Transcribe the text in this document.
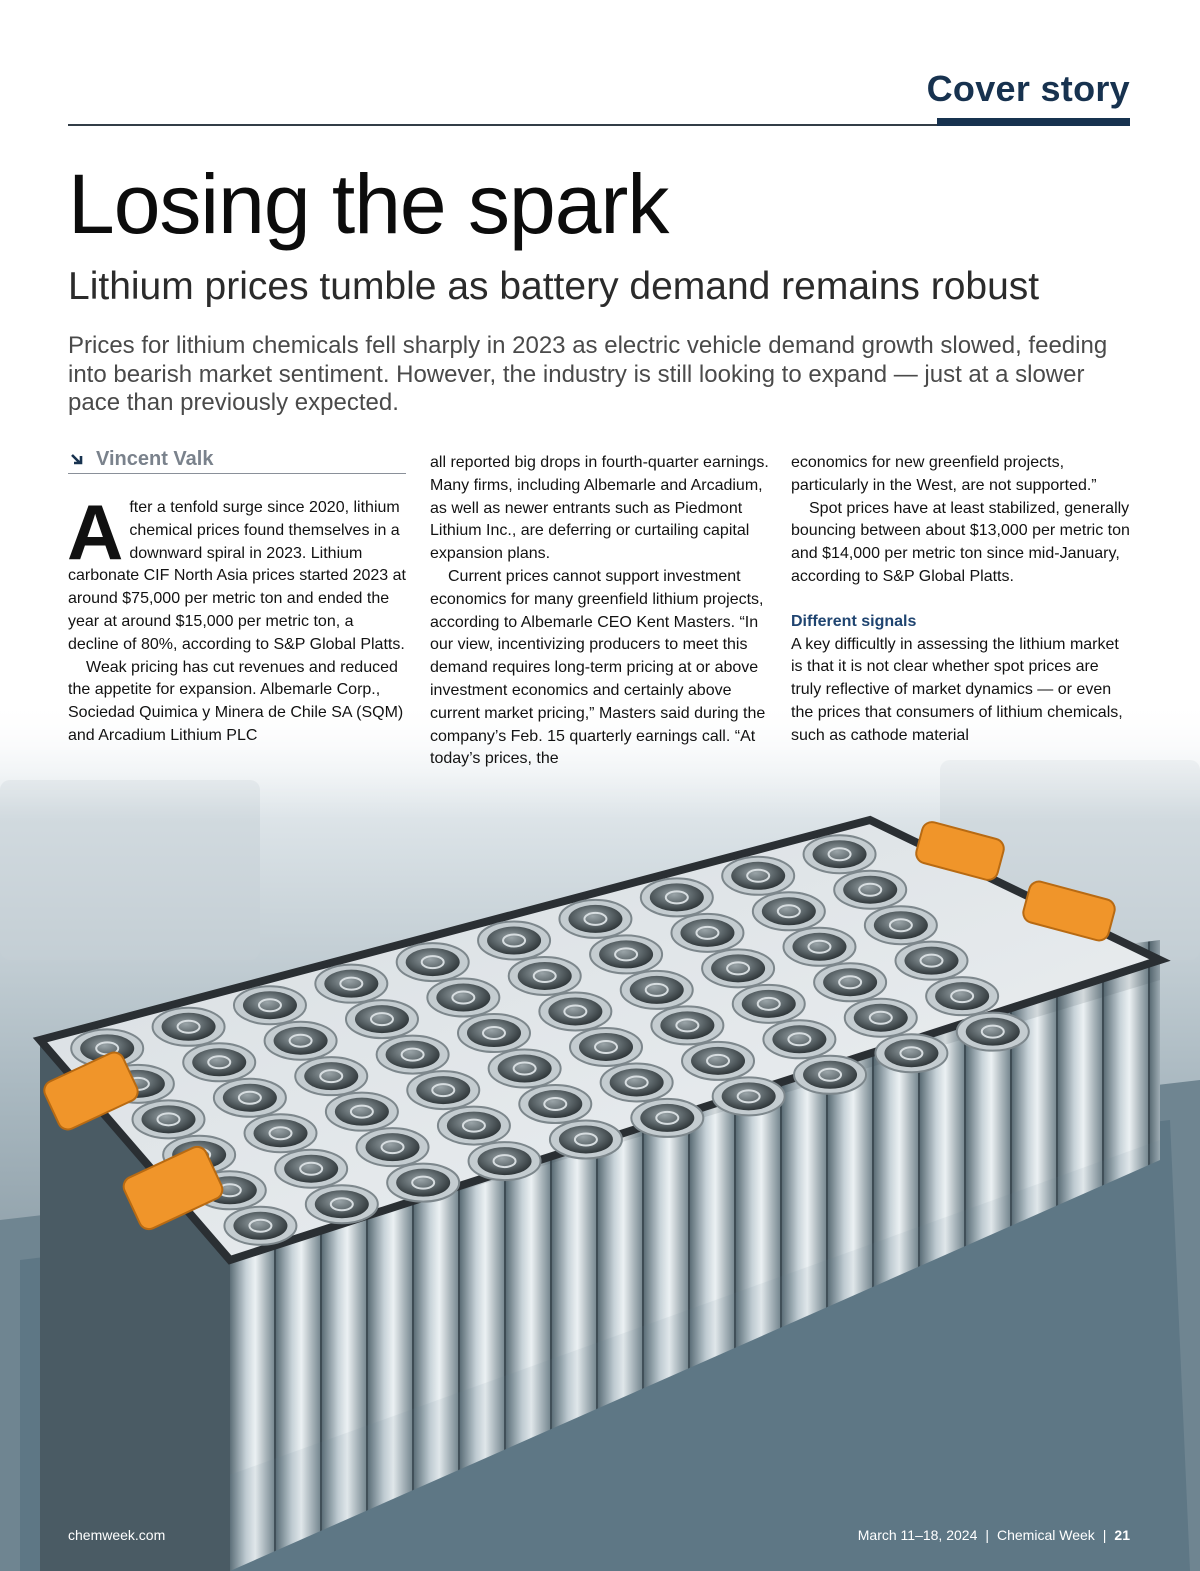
Cover story
Losing the spark
Lithium prices tumble as battery demand remains robust

Prices for lithium chemicals fell sharply in 2023 as electric vehicle demand growth slowed, feeding into bearish market sentiment. However, the industry is still looking to expand — just at a slower pace than previously expected.

Vincent Valk

After a tenfold surge since 2020, lithium chemical prices found themselves in a downward spiral in 2023. Lithium carbonate CIF North Asia prices started 2023 at around $75,000 per metric ton and ended the year at around $15,000 per metric ton, a decline of 80%, according to S&P Global Platts.

Weak pricing has cut revenues and reduced the appetite for expansion. Albemarle Corp., Sociedad Quimica y Minera de Chile SA (SQM) and Arcadium Lithium PLC

all reported big drops in fourth-quarter earnings. Many firms, including Albemarle and Arcadium, as well as newer entrants such as Piedmont Lithium Inc., are deferring or curtailing capital expansion plans.

Current prices cannot support investment economics for many greenfield lithium projects, according to Albemarle CEO Kent Masters. “In our view, incentivizing producers to meet this demand requires long-term pricing at or above investment economics and certainly above current market pricing,” Masters said during the company’s Feb. 15 quarterly earnings call. “At today’s prices, the

economics for new greenfield projects, particularly in the West, are not supported.”

Spot prices have at least stabilized, generally bouncing between about $13,000 per metric ton and $14,000 per metric ton since mid-January, according to S&P Global Platts.

Different signals

A key difficultly in assessing the lithium market is that it is not clear whether spot prices are truly reflective of market dynamics — or even the prices that consumers of lithium chemicals, such as cathode material

chemweek.com	March 11–18, 2024 | Chemical Week | 21
